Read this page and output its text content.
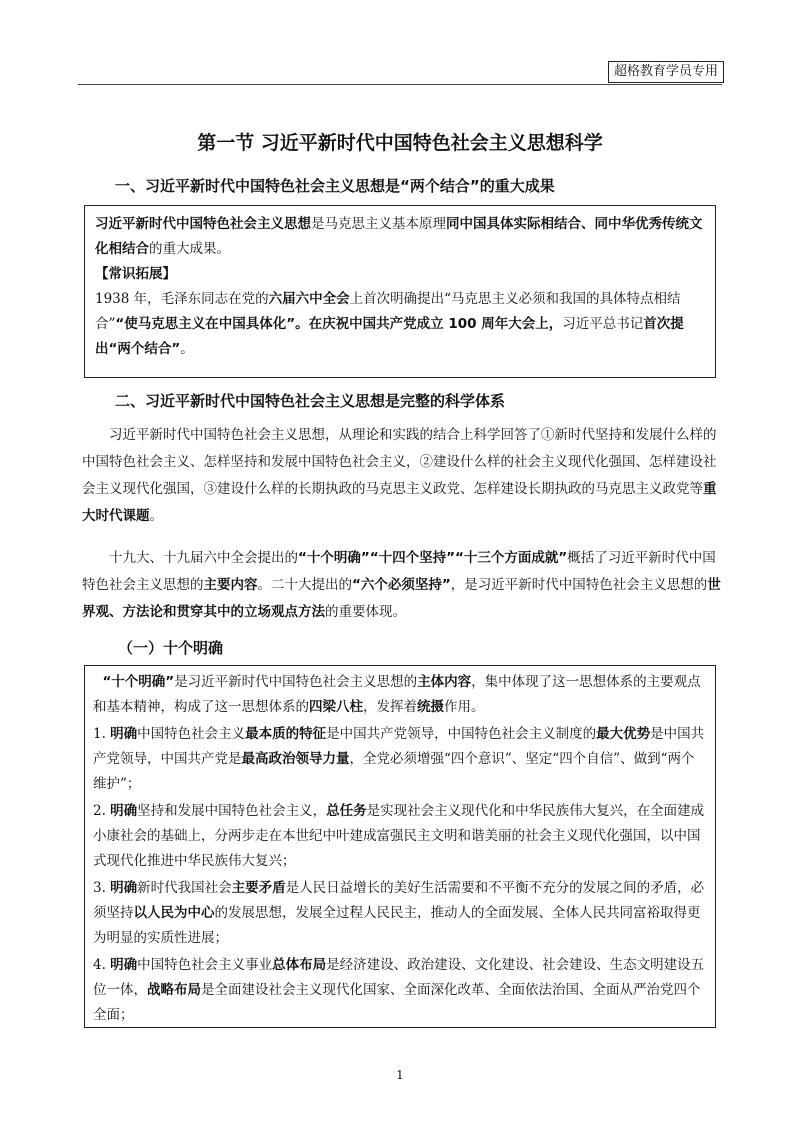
超格教育学员专用
第一节 习近平新时代中国特色社会主义思想科学
一、习近平新时代中国特色社会主义思想是“两个结合”的重大成果

习近平新时代中国特色社会主义思想是马克思主义基本原理同中国具体实际相结合、同中华优秀传统文化相结合的重大成果。

【常识拓展】

1938 年，毛泽东同志在党的六届六中全会上首次明确提出“马克思主义必须和我国的具体特点相结合”“使马克思主义在中国具体化”。在庆祝中国共产党成立 100 周年大会上，习近平总书记首次提出“两个结合”。

二、习近平新时代中国特色社会主义思想是完整的科学体系
习近平新时代中国特色社会主义思想，从理论和实践的结合上科学回答了①新时代坚持和发展什么样的中国特色社会主义、怎样坚持和发展中国特色社会主义，②建设什么样的社会主义现代化强国、怎样建设社会主义现代化强国，③建设什么样的长期执政的马克思主义政党、怎样建设长期执政的马克思主义政党等重大时代课题。
十九大、十九届六中全会提出的“十个明确”“十四个坚持”“十三个方面成就”概括了习近平新时代中国特色社会主义思想的主要内容。二十大提出的“六个必须坚持”，是习近平新时代中国特色社会主义思想的世界观、方法论和贯穿其中的立场观点方法的重要体现。
（一）十个明确

“十个明确”是习近平新时代中国特色社会主义思想的主体内容，集中体现了这一思想体系的主要观点和基本精神，构成了这一思想体系的四梁八柱，发挥着统摄作用。

1. 明确中国特色社会主义最本质的特征是中国共产党领导，中国特色社会主义制度的最大优势是中国共产党领导，中国共产党是最高政治领导力量，全党必须增强“四个意识”、坚定“四个自信”、做到“两个维护”；

2. 明确坚持和发展中国特色社会主义，总任务是实现社会主义现代化和中华民族伟大复兴，在全面建成小康社会的基础上，分两步走在本世纪中叶建成富强民主文明和谐美丽的社会主义现代化强国，以中国式现代化推进中华民族伟大复兴；

3. 明确新时代我国社会主要矛盾是人民日益增长的美好生活需要和不平衡不充分的发展之间的矛盾，必须坚持以人民为中心的发展思想，发展全过程人民民主，推动人的全面发展、全体人民共同富裕取得更为明显的实质性进展；

4. 明确中国特色社会主义事业总体布局是经济建设、政治建设、文化建设、社会建设、生态文明建设五位一体，战略布局是全面建设社会主义现代化国家、全面深化改革、全面依法治国、全面从严治党四个全面；

1
